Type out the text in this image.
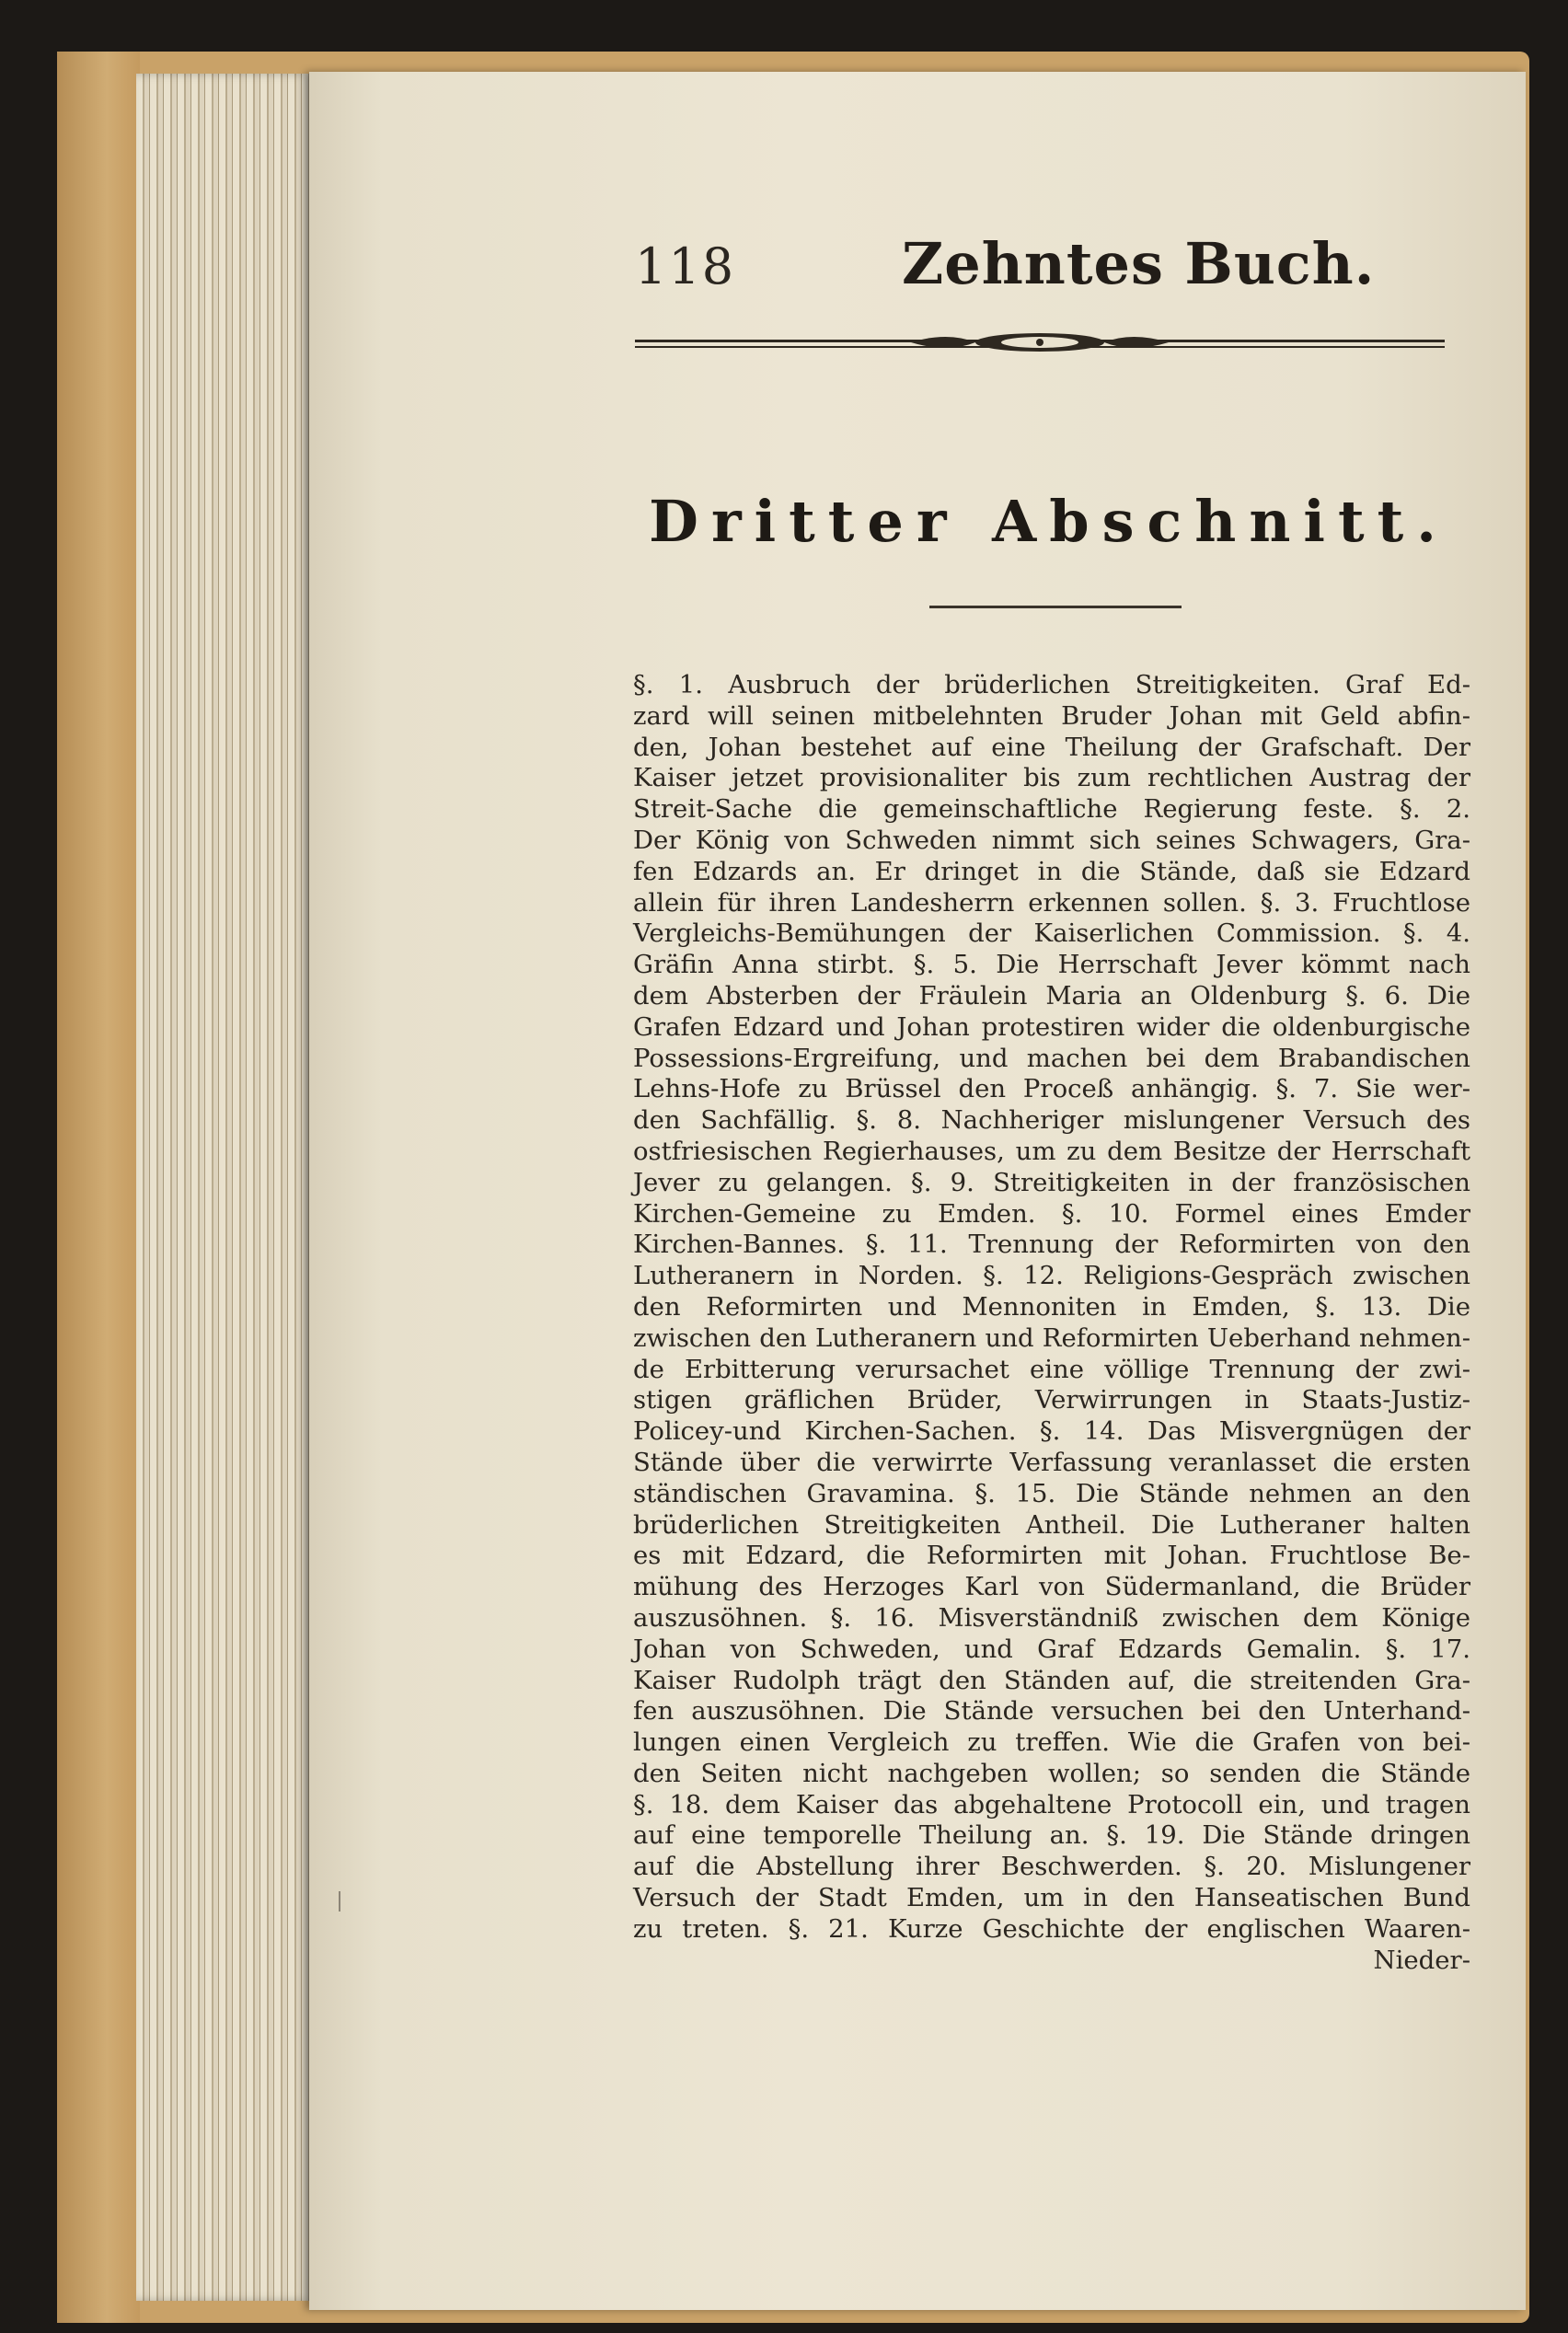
118	Zehntes Buch.
Dritter Abschnitt.
§. 1. Ausbruch der brüderlichen Streitigkeiten. Graf Ed-
zard will seinen mitbelehnten Bruder Johan mit Geld abfin-
den, Johan bestehet auf eine Theilung der Grafschaft. Der
Kaiser jetzet provisionaliter bis zum rechtlichen Austrag der
Streit-Sache die gemeinschaftliche Regierung feste. §. 2.
Der König von Schweden nimmt sich seines Schwagers, Gra-
fen Edzards an. Er dringet in die Stände, daß sie Edzard
allein für ihren Landesherrn erkennen sollen. §. 3. Fruchtlose
Vergleichs-Bemühungen der Kaiserlichen Commission. §. 4.
Gräfin Anna stirbt. §. 5. Die Herrschaft Jever kömmt nach
dem Absterben der Fräulein Maria an Oldenburg §. 6. Die
Grafen Edzard und Johan protestiren wider die oldenburgische
Possessions-Ergreifung, und machen bei dem Brabandischen
Lehns-Hofe zu Brüssel den Proceß anhängig. §. 7. Sie wer-
den Sachfällig. §. 8. Nachheriger mislungener Versuch des
ostfriesischen Regierhauses, um zu dem Besitze der Herrschaft
Jever zu gelangen. §. 9. Streitigkeiten in der französischen
Kirchen-Gemeine zu Emden. §. 10. Formel eines Emder
Kirchen-Bannes. §. 11. Trennung der Reformirten von den
Lutheranern in Norden. §. 12. Religions-Gespräch zwischen
den Reformirten und Mennoniten in Emden, §. 13. Die
zwischen den Lutheranern und Reformirten Ueberhand nehmen-
de Erbitterung verursachet eine völlige Trennung der zwi-
stigen gräflichen Brüder, Verwirrungen in Staats-Justiz-
Policey-und Kirchen-Sachen. §. 14. Das Misvergnügen der
Stände über die verwirrte Verfassung veranlasset die ersten
ständischen Gravamina. §. 15. Die Stände nehmen an den
brüderlichen Streitigkeiten Antheil. Die Lutheraner halten
es mit Edzard, die Reformirten mit Johan. Fruchtlose Be-
mühung des Herzoges Karl von Südermanland, die Brüder
auszusöhnen. §. 16. Misverständniß zwischen dem Könige
Johan von Schweden, und Graf Edzards Gemalin. §. 17.
Kaiser Rudolph trägt den Ständen auf, die streitenden Gra-
fen auszusöhnen. Die Stände versuchen bei den Unterhand-
lungen einen Vergleich zu treffen. Wie die Grafen von bei-
den Seiten nicht nachgeben wollen; so senden die Stände
§. 18. dem Kaiser das abgehaltene Protocoll ein, und tragen
auf eine temporelle Theilung an. §. 19. Die Stände dringen
auf die Abstellung ihrer Beschwerden. §. 20. Mislungener
Versuch der Stadt Emden, um in den Hanseatischen Bund
zu treten. §. 21. Kurze Geschichte der englischen Waaren-
Nieder-
